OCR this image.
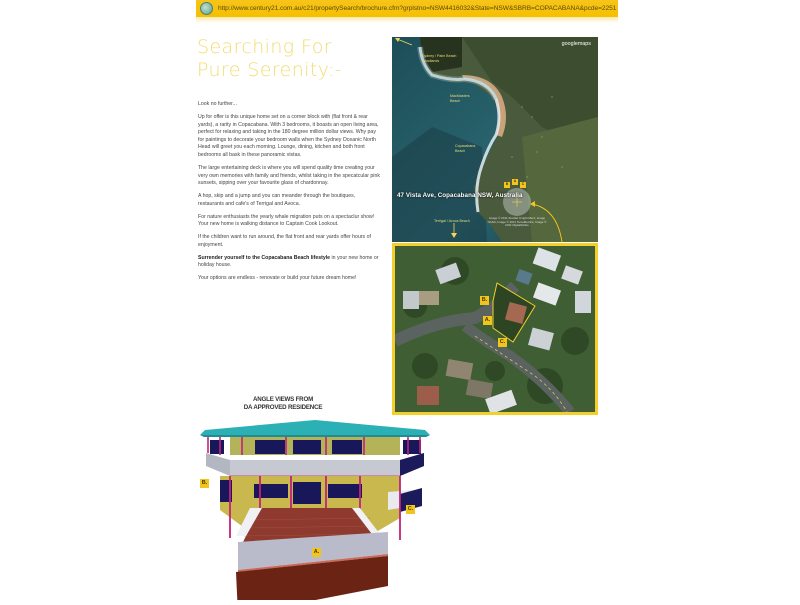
http://www.century21.com.au/c21/propertySearch/brochure.cfm?grplstno=NSW4416032&State=NSW&SBRB=COPACABANA&pcde=2251
Searching For
Pure Serenity:-

Look no further...

Up for offer is this unique home set on a corner block with (flat front & rear yards), a rarity in Copacabana. With 3 bedrooms, it boasts an open living area, perfect for relaxing and taking in the 180 degree million dollar views. Why pay for paintings to decorate your bedroom walls when the Sydney Oceanic North Head will greet you each morning. Lounge, dining, kitchen and both front bedrooms all bask in these panoramic vistas.

The large entertaining deck is where you will spend quality time creating your very own memories with family and friends, whilst taking in the specatcular pink sunsets, sipping over your favourite glass of chardonnay.

A hop, skip and a jump and you can meander through the boutiques, restaurants and cafe's of Terrigal and Avoca.

For nature enthusiasts the yearly whale migration puts on a spectaclur show! Your new home is walking distance to Captain Cook Lookout.

If the children want to run around, the flat front and rear yards offer hours of enjoyment.

Surrender yourself to the Copacabana Beach lifestyle in your new home or holiday house.

Your options are endless - renovate or build your future dream home!

googlemaps
Sydney / Palm Beach Headlands
MacMasters Beach
Copacabana Beach
Terrigal / Avoca Beach
B
A
C
47 Vista Ave, Copacabana NSW, Australia
Image © 2011 Sinclair Knight Merz; Image NASA; Image © 2011 TerraMetrics; Image © 2011 DigitalGlobe
B.
A.
C.
ANGLE VIEWS FROM
DA APPROVED RESIDENCE
A.
B.
C.
